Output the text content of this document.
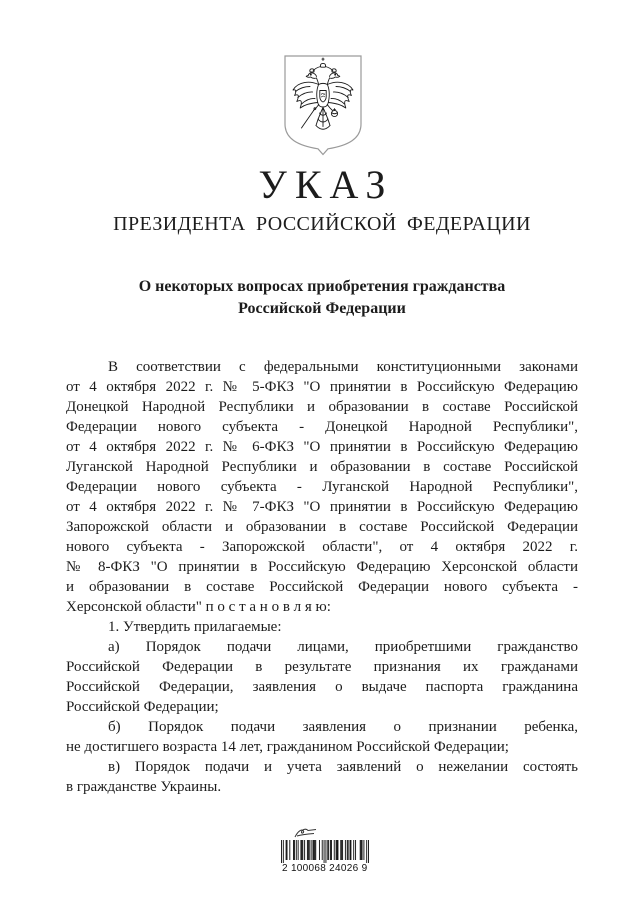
УКАЗ
ПРЕЗИДЕНТА РОССИЙСКОЙ ФЕДЕРАЦИИ
О некоторых вопросах приобретения гражданства
Российской Федерации
В соответствии с федеральными конституционными законами
от 4 октября 2022 г. № 5-ФКЗ "О принятии в Российскую Федерацию
Донецкой Народной Республики и образовании в составе Российской
Федерации нового субъекта - Донецкой Народной Республики",
от 4 октября 2022 г. № 6-ФКЗ "О принятии в Российскую Федерацию
Луганской Народной Республики и образовании в составе Российской
Федерации нового субъекта - Луганской Народной Республики",
от 4 октября 2022 г. № 7-ФКЗ "О принятии в Российскую Федерацию
Запорожской области и образовании в составе Российской Федерации
нового субъекта - Запорожской области", от 4 октября 2022 г.
№ 8-ФКЗ "О принятии в Российскую Федерацию Херсонской области
и образовании в составе Российской Федерации нового субъекта -
Херсонской области" п о с т а н о в л я ю:
1. Утвердить прилагаемые:
а) Порядок подачи лицами, приобретшими гражданство
Российской Федерации в результате признания их гражданами
Российской Федерации, заявления о выдаче паспорта гражданина
Российской Федерации;
б) Порядок подачи заявления о признании ребенка,
не достигшего возраста 14 лет, гражданином Российской Федерации;
в) Порядок подачи и учета заявлений о нежелании состоять
в гражданстве Украины.
2 100068 24026 9
